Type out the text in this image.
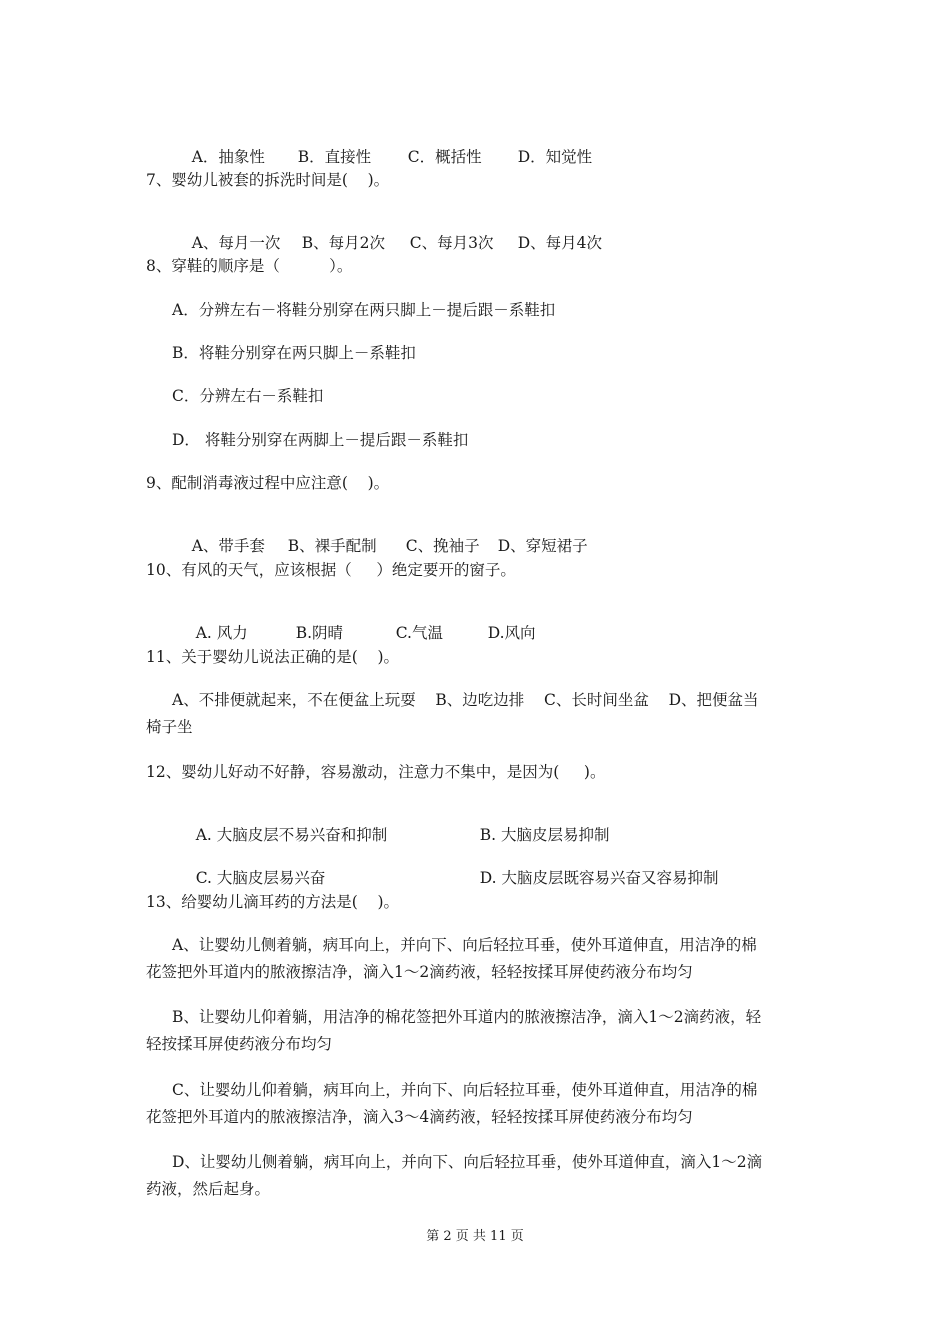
A．抽象性 B．直接性 C．概括性 D．知觉性

7、婴幼儿被套的拆洗时间是(    )。

A、每月一次 B、每月2次 C、每月3次 D、每月4次

8、穿鞋的顺序是（          ）。
A．分辨左右－将鞋分别穿在两只脚上－提后跟－系鞋扣
B．将鞋分别穿在两只脚上－系鞋扣
C．分辨左右－系鞋扣
D． 将鞋分别穿在两脚上－提后跟－系鞋扣
9、配制消毒液过程中应注意(    )。

A、带手套 B、裸手配制 C、挽袖子 D、穿短裙子

10、有风的天气，应该根据（     ）绝定要开的窗子。

A. 风力	B.阴晴	C.气温	D.风向

11、关于婴幼儿说法正确的是(    )。
A、不排便就起来，不在便盆上玩耍    B、边吃边排    C、长时间坐盆    D、把便盆当
椅子坐
12、婴幼儿好动不好静，容易激动，注意力不集中，是因为(     )。

A. 大脑皮层不易兴奋和抑制	B. 大脑皮层易抑制

C. 大脑皮层易兴奋	D. 大脑皮层既容易兴奋又容易抑制

13、给婴幼儿滴耳药的方法是(    )。
A、让婴幼儿侧着躺，病耳向上，并向下、向后轻拉耳垂，使外耳道伸直，用洁净的棉
花签把外耳道内的脓液擦洁净，滴入1～2滴药液，轻轻按揉耳屏使药液分布均匀
B、让婴幼儿仰着躺，用洁净的棉花签把外耳道内的脓液擦洁净，滴入1～2滴药液，轻
轻按揉耳屏使药液分布均匀
C、让婴幼儿仰着躺，病耳向上，并向下、向后轻拉耳垂，使外耳道伸直，用洁净的棉
花签把外耳道内的脓液擦洁净，滴入3～4滴药液，轻轻按揉耳屏使药液分布均匀
D、让婴幼儿侧着躺，病耳向上，并向下、向后轻拉耳垂，使外耳道伸直，滴入1～2滴
药液，然后起身。
第 2 页 共 11 页
